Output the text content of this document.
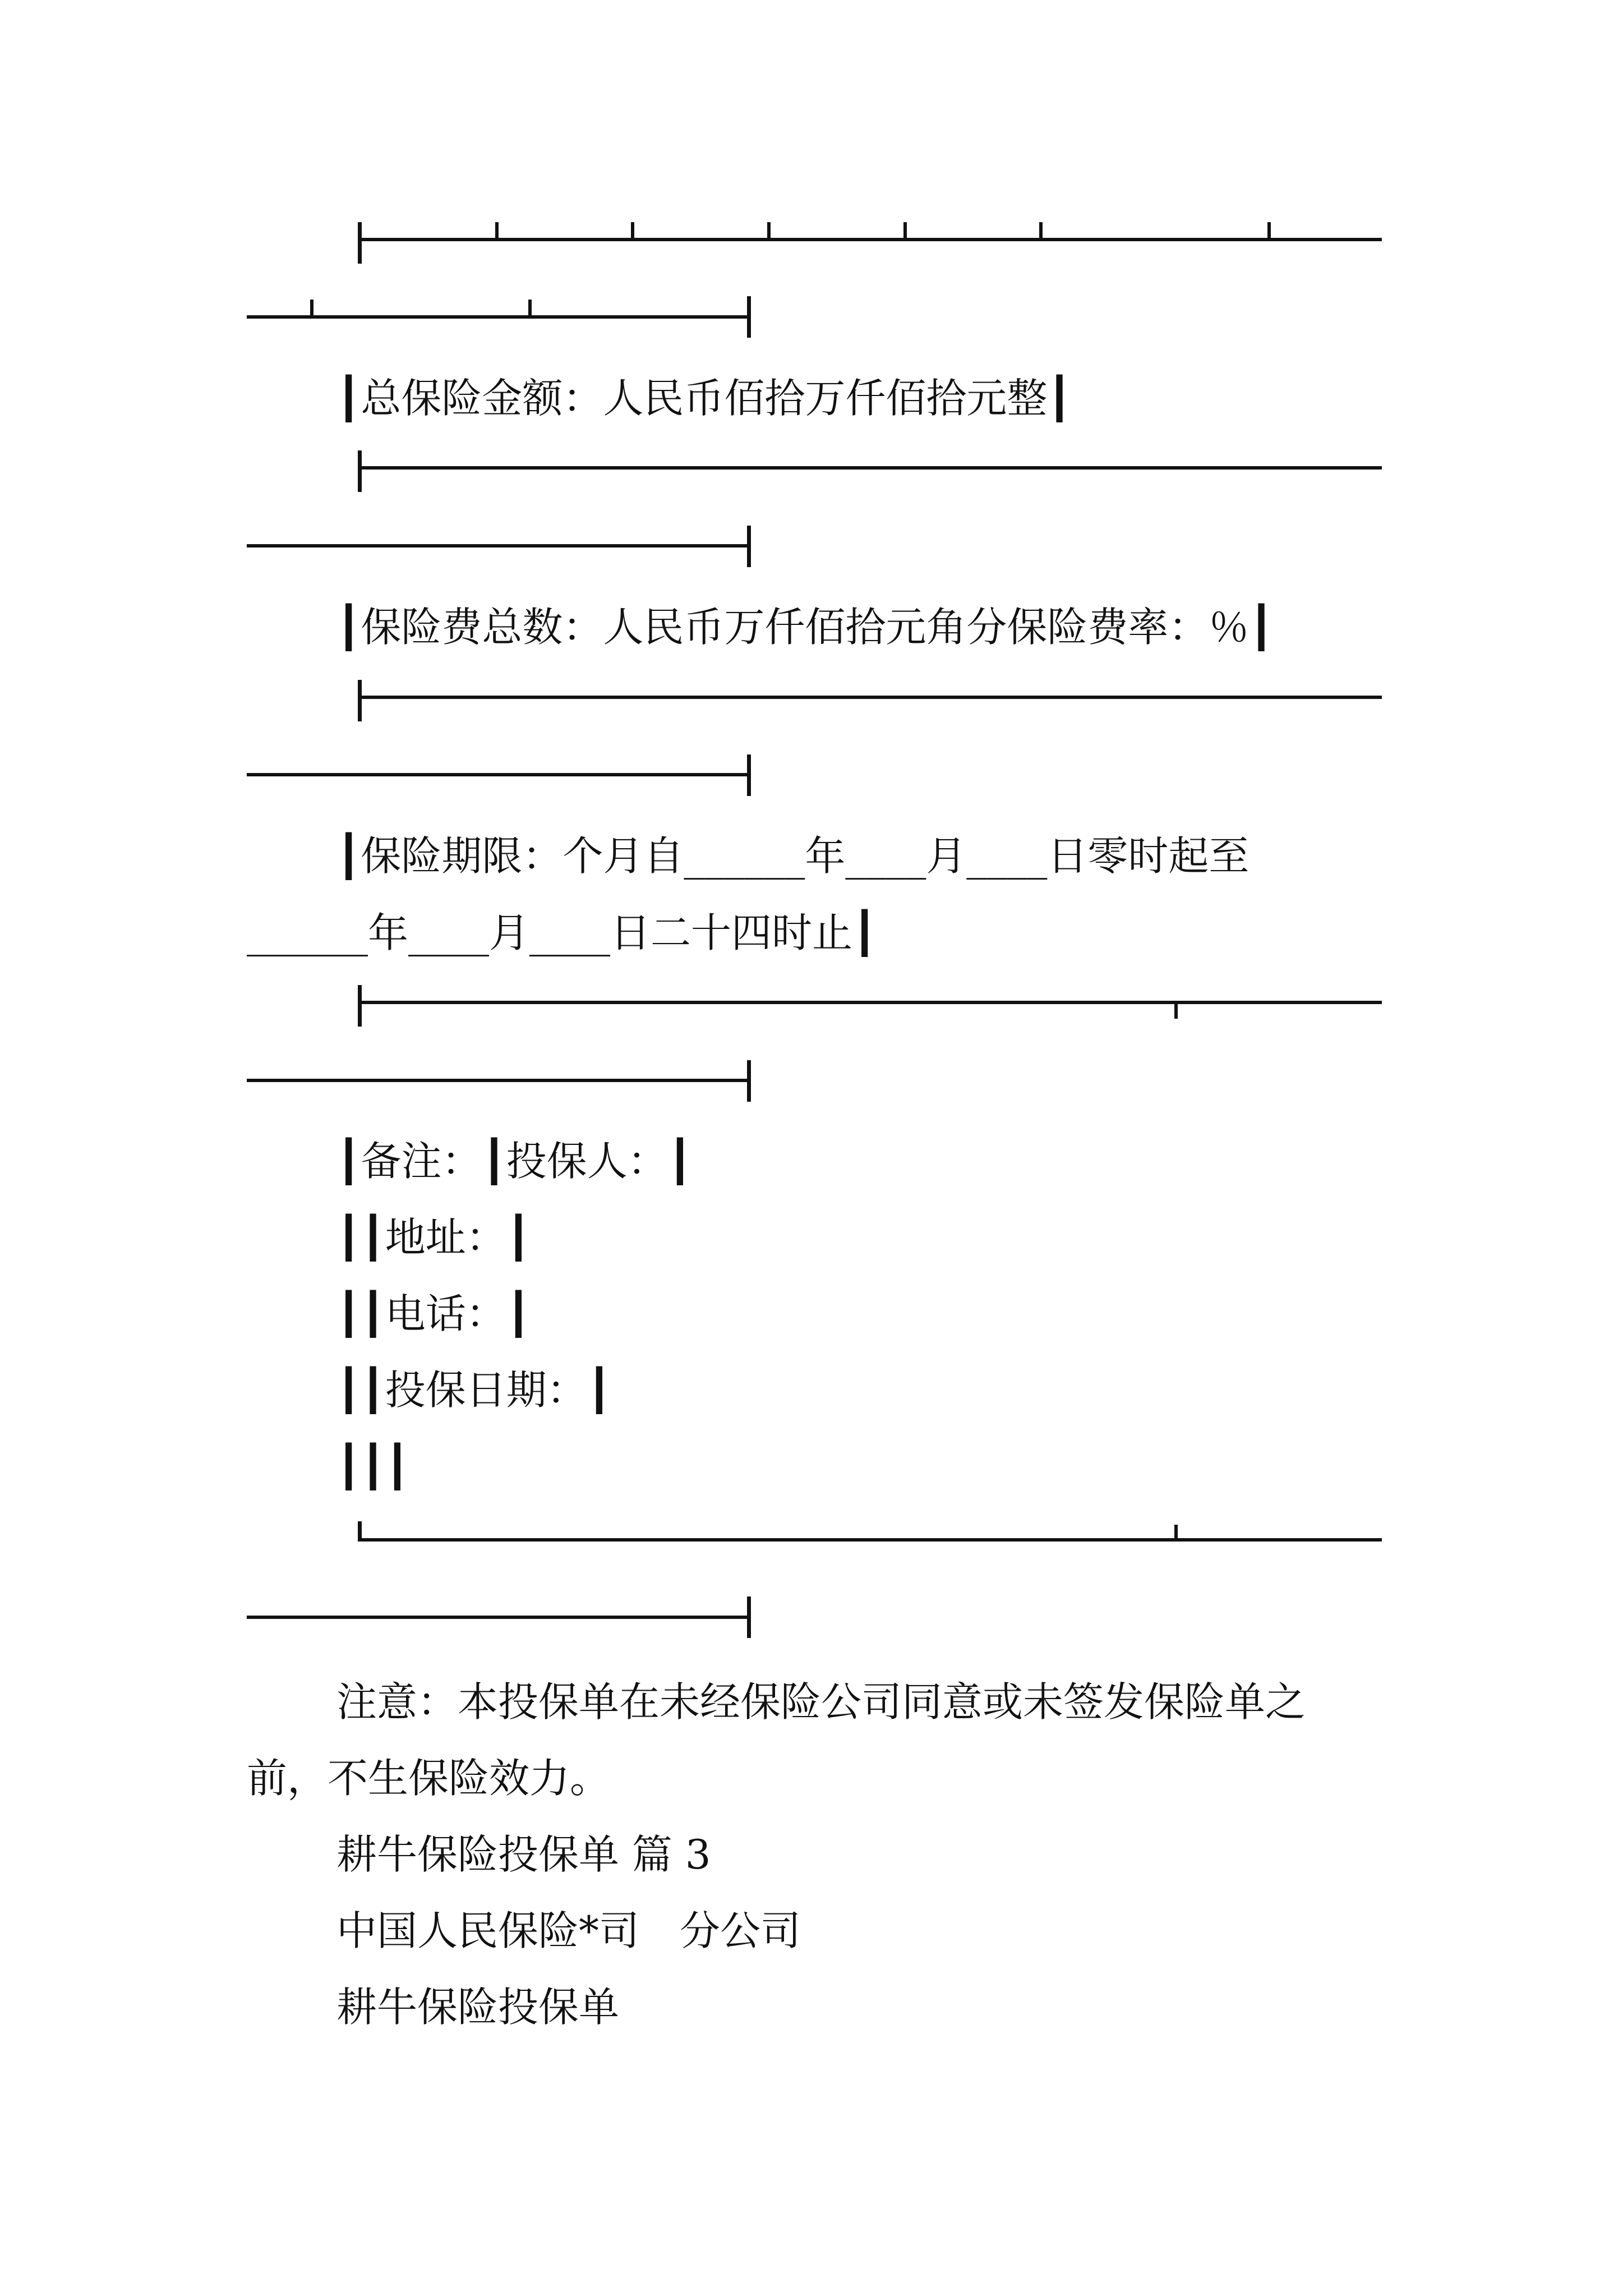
┃总保险金额：人民币佰拾万仟佰拾元整┃
┃保险费总数：人民币万仟佰拾元角分保险费率：％┃
┃保险期限：个月自______年____月____日零时起至
______年____月____日二十四时止┃
┃备注：┃投保人：┃
┃┃地址：┃
┃┃电话：┃
┃┃投保日期：┃
┃┃┃
注意：本投保单在未经保险公司同意或未签发保险单之
前，不生保险效力。
耕牛保险投保单 篇 3
中国人民保险*司　分公司
耕牛保险投保单
